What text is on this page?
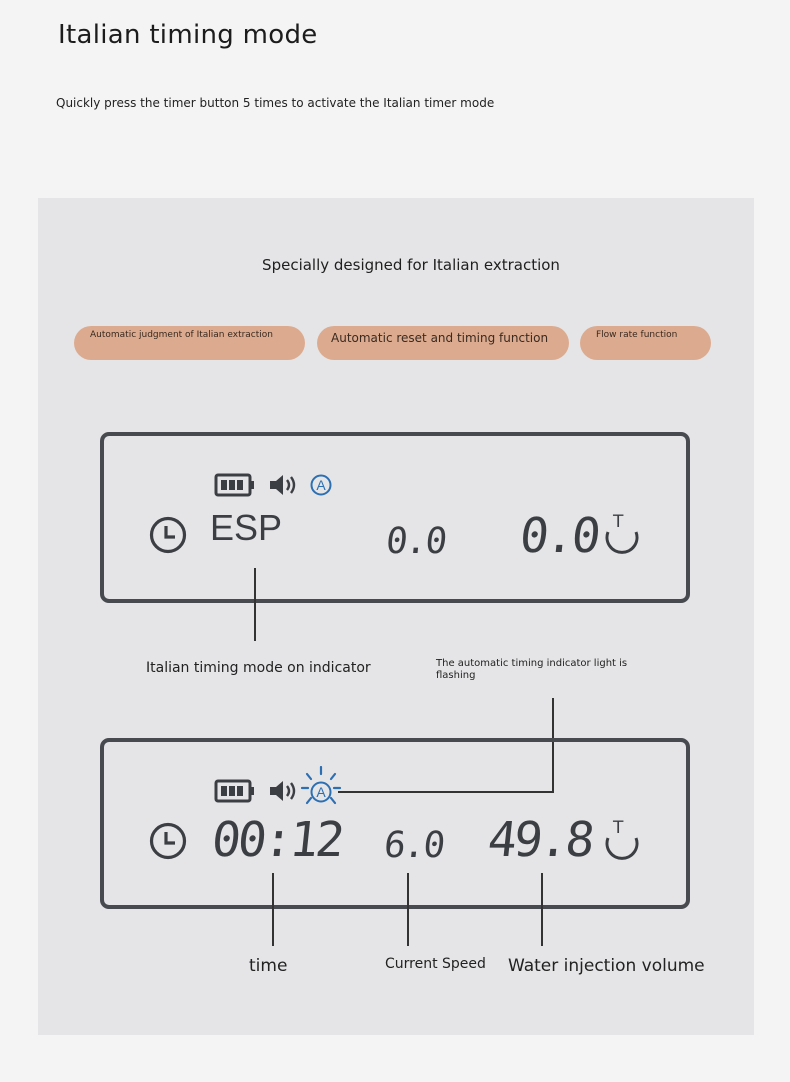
Italian timing mode
Quickly press the timer button 5 times to activate the Italian timer mode
Specially designed for Italian extraction
Automatic judgment of Italian extraction	Automatic reset and timing function	Flow rate function
A
ESP	0.0 0.0 T
Italian timing mode on indicator	The automatic timing indicator light is flashing
A
00:12 6.0 49.8 T
time	Current Speed Water injection volume
